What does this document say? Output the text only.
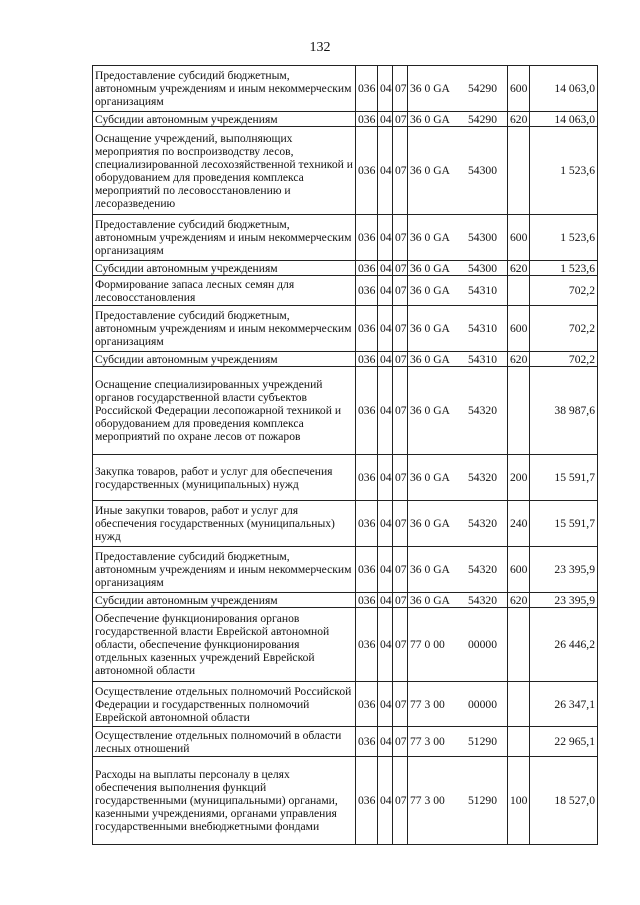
132
Предоставление субсидий бюджетным, автономным учреждениям и иным некоммерческим организациям	036	04	07	36 0 GA 54290	600	14 063,0
Субсидии автономным учреждениям	036	04	07	36 0 GA 54290	620	14 063,0
Оснащение учреждений, выполняющих мероприятия по воспроизводству лесов, специализированной лесохозяйственной техникой и оборудованием для проведения комплекса мероприятий по лесовосстановлению и лесоразведению	036	04	07	36 0 GA 54300		1 523,6
Предоставление субсидий бюджетным, автономным учреждениям и иным некоммерческим организациям	036	04	07	36 0 GA 54300	600	1 523,6
Субсидии автономным учреждениям	036	04	07	36 0 GA 54300	620	1 523,6
Формирование запаса лесных семян для лесовосстановления	036	04	07	36 0 GA 54310		702,2
Предоставление субсидий бюджетным, автономным учреждениям и иным некоммерческим организациям	036	04	07	36 0 GA 54310	600	702,2
Субсидии автономным учреждениям	036	04	07	36 0 GA 54310	620	702,2
Оснащение специализированных учреждений органов государственной власти субъектов Российской Федерации лесопожарной техникой и оборудованием для проведения комплекса мероприятий по охране лесов от пожаров	036	04	07	36 0 GA 54320		38 987,6
Закупка товаров, работ и услуг для обеспечения государственных (муниципальных) нужд	036	04	07	36 0 GA 54320	200	15 591,7
Иные закупки товаров, работ и услуг для обеспечения государственных (муниципальных) нужд	036	04	07	36 0 GA 54320	240	15 591,7
Предоставление субсидий бюджетным, автономным учреждениям и иным некоммерческим организациям	036	04	07	36 0 GA 54320	600	23 395,9
Субсидии автономным учреждениям	036	04	07	36 0 GA 54320	620	23 395,9
Обеспечение функционирования органов государственной власти Еврейской автономной области, обеспечение функционирования отдельных казенных учреждений Еврейской автономной области	036	04	07	77 0 00 00000		26 446,2
Осуществление отдельных полномочий Российской Федерации и государственных полномочий Еврейской автономной области	036	04	07	77 3 00 00000		26 347,1
Осуществление отдельных полномочий в области лесных отношений	036	04	07	77 3 00 51290		22 965,1
Расходы на выплаты персоналу в целях обеспечения выполнения функций государственными (муниципальными) органами, казенными учреждениями, органами управления государственными внебюджетными фондами	036	04	07	77 3 00 51290	100	18 527,0
